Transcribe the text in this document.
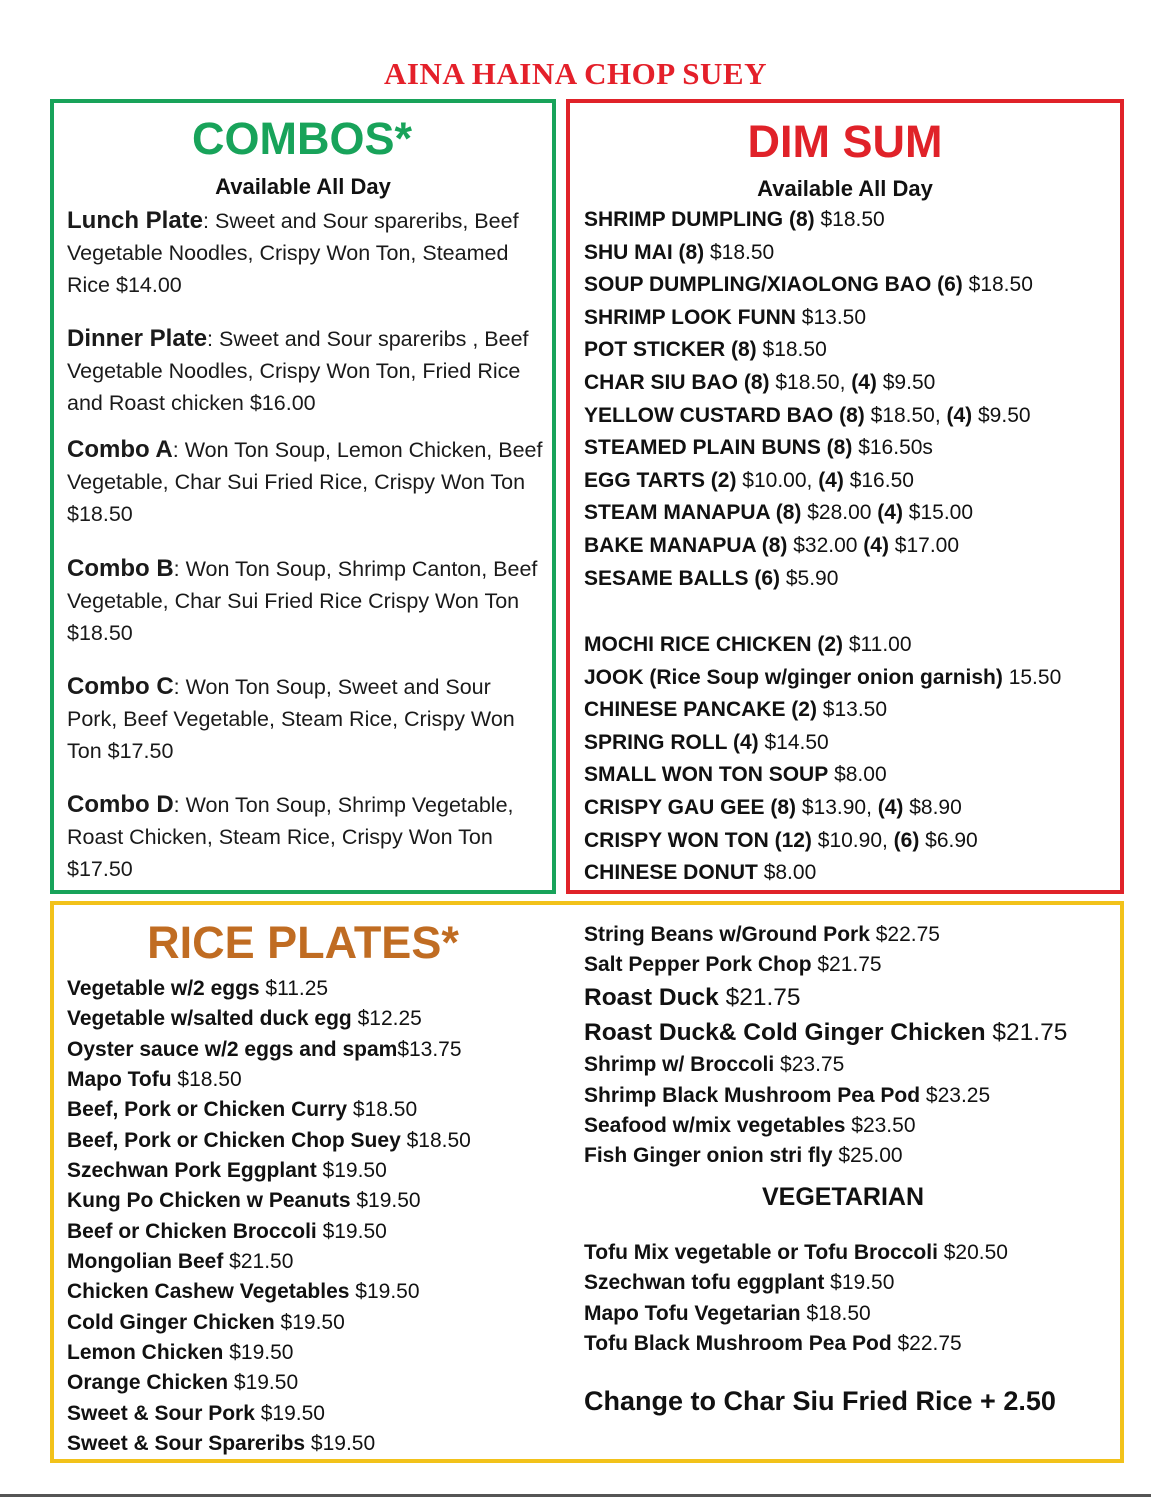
AINA HAINA CHOP SUEY
COMBOS*
Available All Day
Lunch Plate: Sweet and Sour spareribs, Beef Vegetable Noodles, Crispy Won Ton, Steamed Rice $14.00
Dinner Plate: Sweet and Sour spareribs , Beef Vegetable Noodles, Crispy Won Ton, Fried Rice and Roast chicken $16.00
Combo A: Won Ton Soup, Lemon Chicken, Beef Vegetable, Char Sui Fried Rice, Crispy Won Ton $18.50
Combo B: Won Ton Soup, Shrimp Canton, Beef Vegetable, Char Sui Fried Rice Crispy Won Ton $18.50
Combo C: Won Ton Soup, Sweet and Sour Pork, Beef Vegetable, Steam Rice, Crispy Won Ton $17.50
Combo D: Won Ton Soup, Shrimp Vegetable, Roast Chicken, Steam Rice, Crispy Won Ton $17.50
DIM SUM
Available All Day
SHRIMP DUMPLING (8) $18.50
SHU MAI (8) $18.50
SOUP DUMPLING/XIAOLONG BAO (6) $18.50
SHRIMP LOOK FUNN $13.50
POT STICKER (8) $18.50
CHAR SIU BAO (8) $18.50, (4) $9.50
YELLOW CUSTARD BAO (8) $18.50, (4) $9.50
STEAMED PLAIN BUNS (8) $16.50s
EGG TARTS (2) $10.00, (4) $16.50
STEAM MANAPUA (8) $28.00 (4) $15.00
BAKE MANAPUA (8) $32.00 (4) $17.00
SESAME BALLS (6) $5.90
MOCHI RICE CHICKEN (2) $11.00
JOOK (Rice Soup w/ginger onion garnish) 15.50
CHINESE PANCAKE (2) $13.50
SPRING ROLL (4) $14.50
SMALL WON TON SOUP $8.00
CRISPY GAU GEE (8) $13.90, (4) $8.90
CRISPY WON TON (12) $10.90, (6) $6.90
CHINESE DONUT $8.00
RICE PLATES*
Vegetable w/2 eggs $11.25
Vegetable w/salted duck egg $12.25
Oyster sauce w/2 eggs and spam$13.75
Mapo Tofu $18.50
Beef, Pork or Chicken Curry $18.50
Beef, Pork or Chicken Chop Suey $18.50
Szechwan Pork Eggplant $19.50
Kung Po Chicken w Peanuts $19.50
Beef or Chicken Broccoli $19.50
Mongolian Beef $21.50
Chicken Cashew Vegetables $19.50
Cold Ginger Chicken $19.50
Lemon Chicken $19.50
Orange Chicken $19.50
Sweet & Sour Pork $19.50
Sweet & Sour Spareribs $19.50
String Beans w/Ground Pork $22.75
Salt Pepper Pork Chop $21.75
Roast Duck $21.75
Roast Duck& Cold Ginger Chicken $21.75
Shrimp w/ Broccoli $23.75
Shrimp Black Mushroom Pea Pod $23.25
Seafood w/mix vegetables $23.50
Fish Ginger onion stri fly $25.00
VEGETARIAN
Tofu Mix vegetable or Tofu Broccoli $20.50
Szechwan tofu eggplant $19.50
Mapo Tofu Vegetarian $18.50
Tofu Black Mushroom Pea Pod $22.75
Change to Char Siu Fried Rice + 2.50
